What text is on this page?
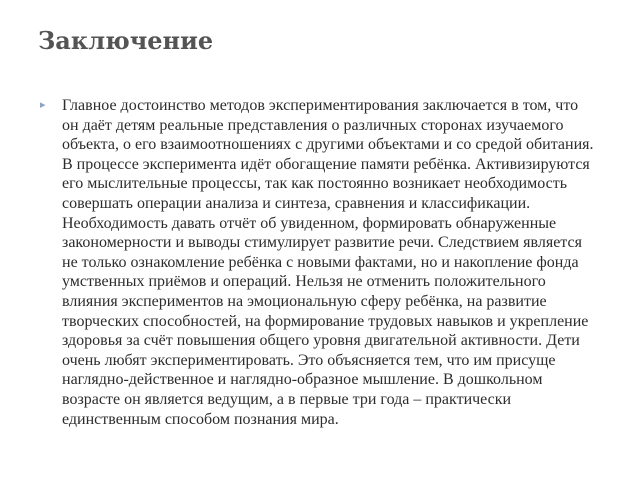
Заключение
▸	Главное достоинство методов экспериментирования заключается в том, что
он даёт детям реальные представления о различных сторонах изучаемого
объекта, о его взаимоотношениях с другими объектами и со средой обитания.
В процессе эксперимента идёт обогащение памяти ребёнка. Активизируются
его мыслительные процессы, так как постоянно возникает необходимость
совершать операции анализа и синтеза, сравнения и классификации.
Необходимость давать отчёт об увиденном, формировать обнаруженные
закономерности и выводы стимулирует развитие речи. Следствием является
не только ознакомление ребёнка с новыми фактами, но и накопление фонда
умственных приёмов и операций. Нельзя не отменить положительного
влияния экспериментов на эмоциональную сферу ребёнка, на развитие
творческих способностей, на формирование трудовых навыков и укрепление
здоровья за счёт повышения общего уровня двигательной активности. Дети
очень любят экспериментировать. Это объясняется тем, что им присуще
наглядно-действенное и наглядно-образное мышление. В дошкольном
возрасте он является ведущим, а в первые три года – практически
единственным способом познания мира.
